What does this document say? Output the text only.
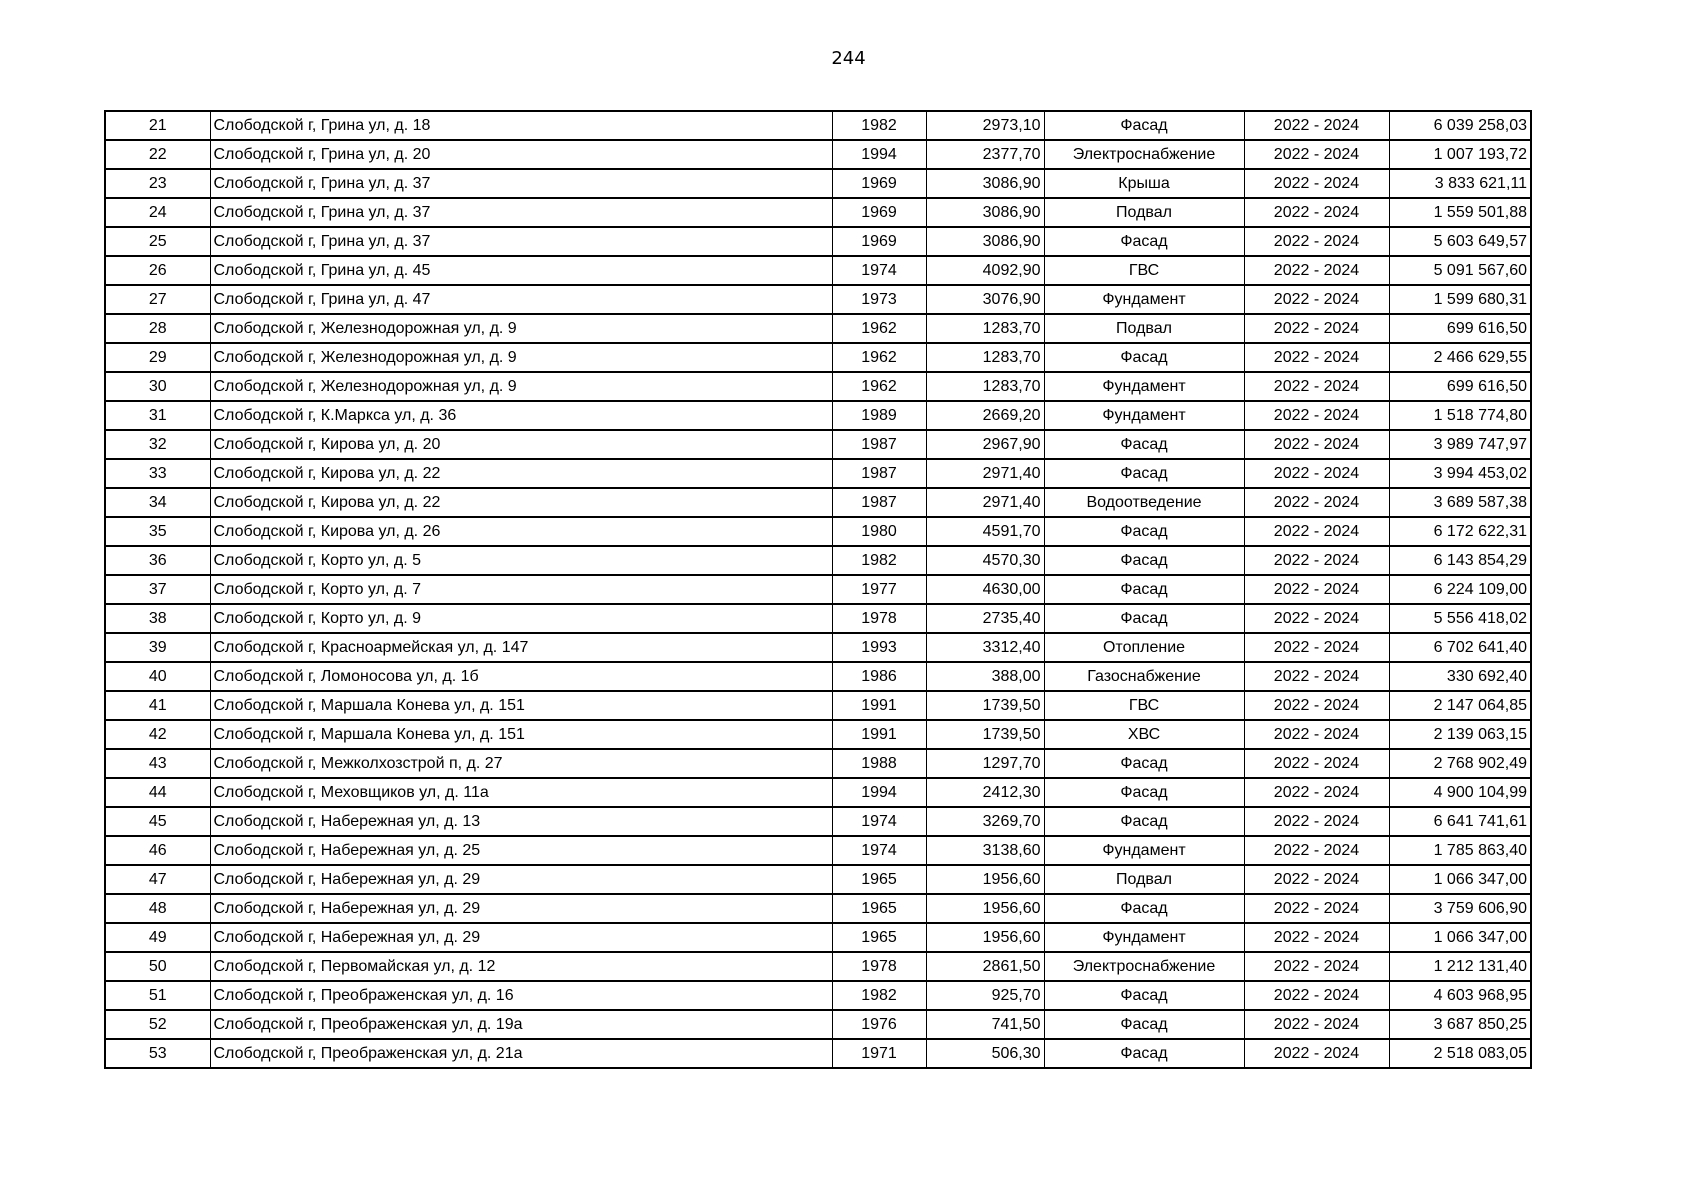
244
21	Слободской г, Грина ул, д. 18	1982	2973,10	Фасад	2022 - 2024	6 039 258,03
22	Слободской г, Грина ул, д. 20	1994	2377,70	Электроснабжение	2022 - 2024	1 007 193,72
23	Слободской г, Грина ул, д. 37	1969	3086,90	Крыша	2022 - 2024	3 833 621,11
24	Слободской г, Грина ул, д. 37	1969	3086,90	Подвал	2022 - 2024	1 559 501,88
25	Слободской г, Грина ул, д. 37	1969	3086,90	Фасад	2022 - 2024	5 603 649,57
26	Слободской г, Грина ул, д. 45	1974	4092,90	ГВС	2022 - 2024	5 091 567,60
27	Слободской г, Грина ул, д. 47	1973	3076,90	Фундамент	2022 - 2024	1 599 680,31
28	Слободской г, Железнодорожная ул, д. 9	1962	1283,70	Подвал	2022 - 2024	699 616,50
29	Слободской г, Железнодорожная ул, д. 9	1962	1283,70	Фасад	2022 - 2024	2 466 629,55
30	Слободской г, Железнодорожная ул, д. 9	1962	1283,70	Фундамент	2022 - 2024	699 616,50
31	Слободской г, К.Маркса ул, д. 36	1989	2669,20	Фундамент	2022 - 2024	1 518 774,80
32	Слободской г, Кирова ул, д. 20	1987	2967,90	Фасад	2022 - 2024	3 989 747,97
33	Слободской г, Кирова ул, д. 22	1987	2971,40	Фасад	2022 - 2024	3 994 453,02
34	Слободской г, Кирова ул, д. 22	1987	2971,40	Водоотведение	2022 - 2024	3 689 587,38
35	Слободской г, Кирова ул, д. 26	1980	4591,70	Фасад	2022 - 2024	6 172 622,31
36	Слободской г, Корто ул, д. 5	1982	4570,30	Фасад	2022 - 2024	6 143 854,29
37	Слободской г, Корто ул, д. 7	1977	4630,00	Фасад	2022 - 2024	6 224 109,00
38	Слободской г, Корто ул, д. 9	1978	2735,40	Фасад	2022 - 2024	5 556 418,02
39	Слободской г, Красноармейская ул, д. 147	1993	3312,40	Отопление	2022 - 2024	6 702 641,40
40	Слободской г, Ломоносова ул, д. 1б	1986	388,00	Газоснабжение	2022 - 2024	330 692,40
41	Слободской г, Маршала Конева ул, д. 151	1991	1739,50	ГВС	2022 - 2024	2 147 064,85
42	Слободской г, Маршала Конева ул, д. 151	1991	1739,50	ХВС	2022 - 2024	2 139 063,15
43	Слободской г, Межколхозстрой п, д. 27	1988	1297,70	Фасад	2022 - 2024	2 768 902,49
44	Слободской г, Меховщиков ул, д. 11а	1994	2412,30	Фасад	2022 - 2024	4 900 104,99
45	Слободской г, Набережная ул, д. 13	1974	3269,70	Фасад	2022 - 2024	6 641 741,61
46	Слободской г, Набережная ул, д. 25	1974	3138,60	Фундамент	2022 - 2024	1 785 863,40
47	Слободской г, Набережная ул, д. 29	1965	1956,60	Подвал	2022 - 2024	1 066 347,00
48	Слободской г, Набережная ул, д. 29	1965	1956,60	Фасад	2022 - 2024	3 759 606,90
49	Слободской г, Набережная ул, д. 29	1965	1956,60	Фундамент	2022 - 2024	1 066 347,00
50	Слободской г, Первомайская ул, д. 12	1978	2861,50	Электроснабжение	2022 - 2024	1 212 131,40
51	Слободской г, Преображенская ул, д. 16	1982	925,70	Фасад	2022 - 2024	4 603 968,95
52	Слободской г, Преображенская ул, д. 19а	1976	741,50	Фасад	2022 - 2024	3 687 850,25
53	Слободской г, Преображенская ул, д. 21а	1971	506,30	Фасад	2022 - 2024	2 518 083,05
